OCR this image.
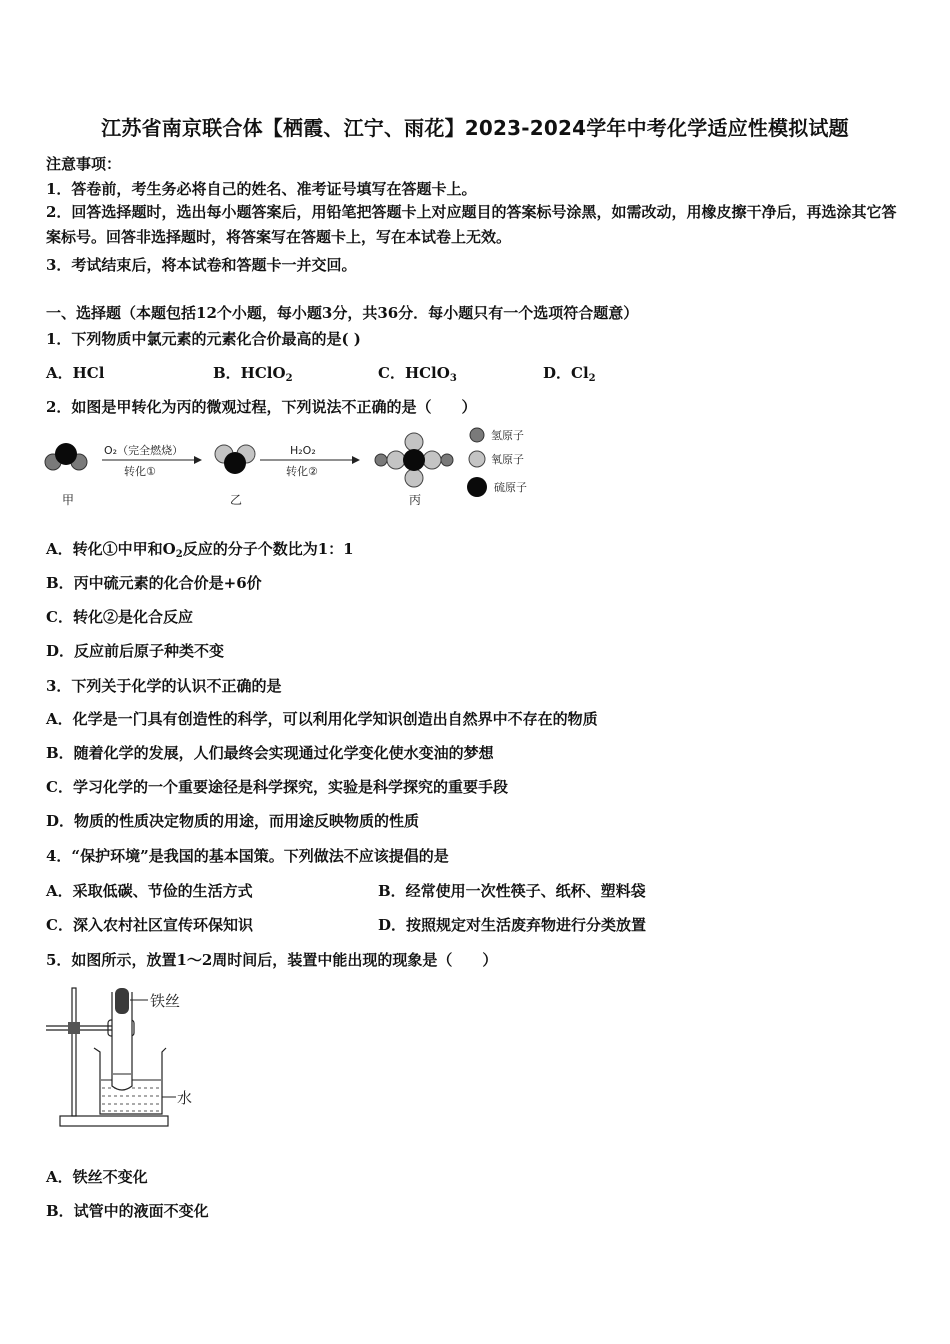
江苏省南京联合体【栖霞、江宁、雨花】2023-2024学年中考化学适应性模拟试题
注意事项：
1．答卷前，考生务必将自己的姓名、准考证号填写在答题卡上。
2．回答选择题时，选出每小题答案后，用铅笔把答题卡上对应题目的答案标号涂黑，如需改动，用橡皮擦干净后，再选涂其它答案标号。回答非选择题时，将答案写在答题卡上，写在本试卷上无效。
3．考试结束后，将本试卷和答题卡一并交回。
一、选择题（本题包括12个小题，每小题3分，共36分．每小题只有一个选项符合题意）
1．下列物质中氯元素的元素化合价最高的是( )
A．HCl	B．HClO$_2$	C．HClO$_3$	D．$Cl_2$
2．如图是甲转化为丙的微观过程，下列说法不正确的是（　　）
甲
O₂（完全燃烧）
转化①
乙
H₂O₂
转化②
丙
氢原子
氧原子
硫原子
A．转化①中甲和$O_2$反应的分子个数比为1：1
B．丙中硫元素的化合价是+6价
C．转化②是化合反应
D．反应前后原子种类不变
3．下列关于化学的认识不正确的是
A．化学是一门具有创造性的科学，可以利用化学知识创造出自然界中不存在的物质
B．随着化学的发展，人们最终会实现通过化学变化使水变油的梦想
C．学习化学的一个重要途径是科学探究，实验是科学探究的重要手段
D．物质的性质决定物质的用途，而用途反映物质的性质
4．“保护环境”是我国的基本国策。下列做法不应该提倡的是
A．采取低碳、节俭的生活方式	B．经常使用一次性筷子、纸杯、塑料袋
C．深入农村社区宣传环保知识	D．按照规定对生活废弃物进行分类放置
5．如图所示，放置1～2周时间后，装置中能出现的现象是（　　）
铁丝
水
A．铁丝不变化
B．试管中的液面不变化
